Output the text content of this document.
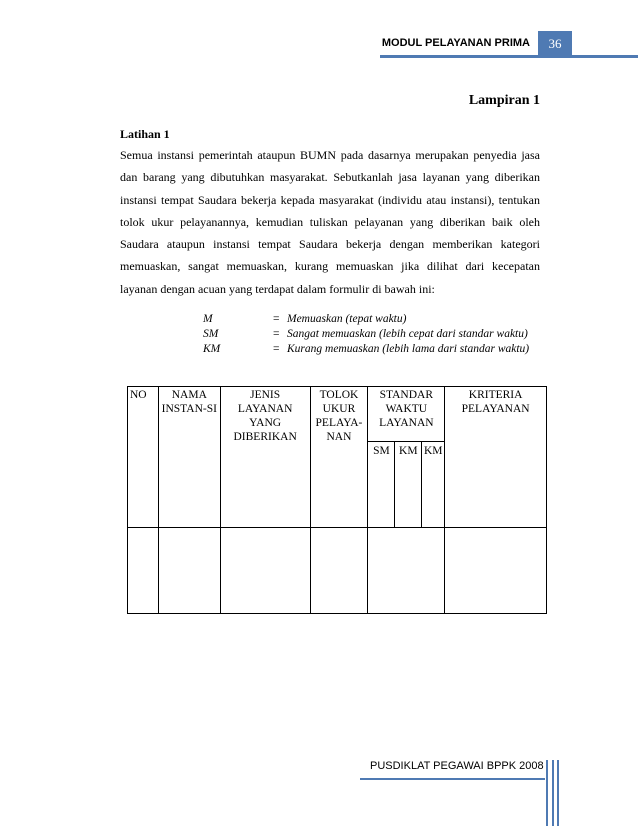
MODUL PELAYANAN PRIMA	36
Lampiran 1
Latihan 1
Semua instansi pemerintah ataupun BUMN pada dasarnya merupakan penyedia jasa dan barang yang dibutuhkan masyarakat. Sebutkanlah jasa layanan yang diberikan instansi tempat Saudara bekerja kepada masyarakat (individu atau instansi), tentukan tolok ukur pelayanannya, kemudian tuliskan pelayanan yang diberikan baik oleh Saudara ataupun instansi tempat Saudara bekerja dengan memberikan kategori memuaskan, sangat memuaskan, kurang memuaskan jika dilihat dari kecepatan layanan dengan acuan yang terdapat dalam formulir di bawah ini:
M	= Memuaskan (tepat waktu)
SM	= Sangat memuaskan (lebih cepat dari standar waktu)
KM	= Kurang memuaskan (lebih lama dari standar waktu)
NO	NAMA INSTAN-SI	JENIS LAYANAN YANG DIBERIKAN	TOLOK UKUR PELAYA-NAN	STANDAR WAKTU LAYANAN			KRITERIA PELAYANAN
				SM	KM	KM	

PUSDIKLAT PEGAWAI BPPK 2008
